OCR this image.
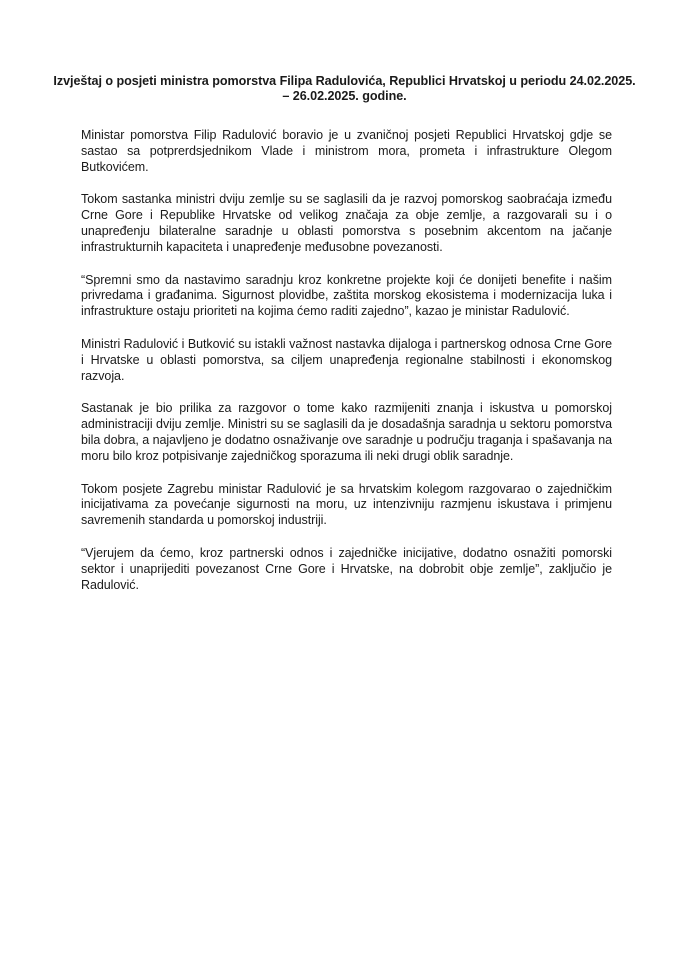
Izvještaj o posjeti ministra pomorstva Filipa Radulovića, Republici Hrvatskoj u periodu 24.02.2025. – 26.02.2025. godine.

Ministar pomorstva Filip Radulović boravio je u zvaničnoj posjeti Republici Hrvatskoj gdje se sastao sa potprerdsjednikom Vlade i ministrom mora, prometa i infrastrukture Olegom Butkovićem.

Tokom sastanka ministri dviju zemlje su se saglasili da je razvoj pomorskog saobraćaja između Crne Gore i Republike Hrvatske od velikog značaja za obje zemlje, a razgovarali su i o unapređenju bilateralne saradnje u oblasti pomorstva s posebnim akcentom na jačanje infrastrukturnih kapaciteta i unapređenje međusobne povezanosti.

“Spremni smo da nastavimo saradnju kroz konkretne projekte koji će donijeti benefite i našim privredama i građanima. Sigurnost plovidbe, zaštita morskog ekosistema i modernizacija luka i infrastrukture ostaju prioriteti na kojima ćemo raditi zajedno”, kazao je ministar Radulović.

Ministri Radulović i Butković su istakli važnost nastavka dijaloga i partnerskog odnosa Crne Gore i Hrvatske u oblasti pomorstva, sa ciljem unapređenja regionalne stabilnosti i ekonomskog razvoja.

Sastanak je bio prilika za razgovor o tome kako razmijeniti znanja i iskustva u pomorskoj administraciji dviju zemlje. Ministri su se saglasili da je dosadašnja saradnja u sektoru pomorstva bila dobra, a najavljeno je dodatno osnaživanje ove saradnje u području traganja i spašavanja na moru bilo kroz potpisivanje zajedničkog sporazuma ili neki drugi oblik saradnje.

Tokom posjete Zagrebu ministar Radulović je sa hrvatskim kolegom razgovarao o zajedničkim inicijativama za povećanje sigurnosti na moru, uz intenzivniju razmjenu iskustava i primjenu savremenih standarda u pomorskoj industriji.

“Vjerujem da ćemo, kroz partnerski odnos i zajedničke inicijative, dodatno osnažiti pomorski sektor i unaprijediti povezanost Crne Gore i Hrvatske, na dobrobit obje zemlje”, zaključio je Radulović.
